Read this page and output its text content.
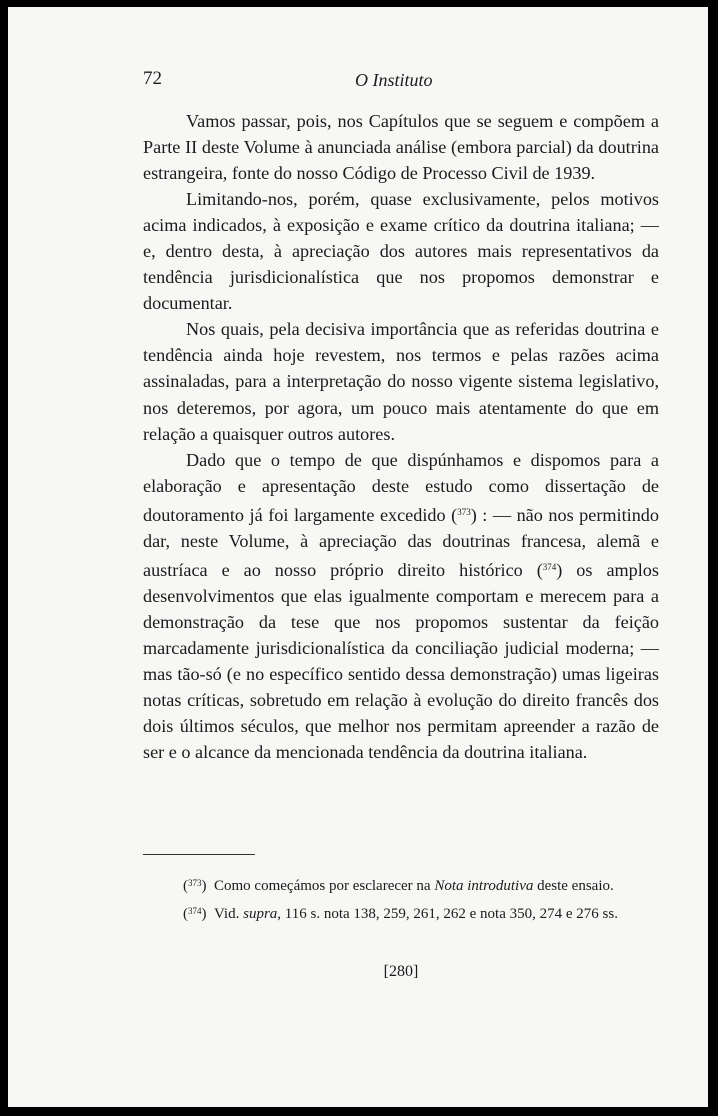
72	O Instituto

Vamos passar, pois, nos Capítulos que se seguem e compõem a Parte II deste Volume à anunciada análise (embora parcial) da doutrina estrangeira, fonte do nosso Código de Processo Civil de 1939.

Limitando-nos, porém, quase exclusivamente, pelos motivos acima indicados, à exposição e exame crítico da doutrina italiana; — e, dentro desta, à apreciação dos autores mais representativos da tendência jurisdicionalística que nos propomos demonstrar e documentar.

Nos quais, pela decisiva importância que as referidas doutrina e tendência ainda hoje revestem, nos termos e pelas razões acima assinaladas, para a interpretação do nosso vigente sistema legislativo, nos deteremos, por agora, um pouco mais atentamente do que em relação a quaisquer outros autores.

Dado que o tempo de que dispúnhamos e dispomos para a elaboração e apresentação deste estudo como dissertação de doutoramento já foi largamente excedido ($^{373}$) : — não nos permitindo dar, neste Volume, à apreciação das doutrinas francesa, alemã e austríaca e ao nosso próprio direito histórico ($^{374}$) os amplos desenvolvimentos que elas igualmente comportam e merecem para a demonstração da tese que nos propomos sustentar da feição marcadamente jurisdicionalística da conciliação judicial moderna; — mas tão-só (e no específico sentido dessa demonstração) umas ligeiras notas críticas, sobretudo em relação à evolução do direito francês dos dois últimos séculos, que melhor nos permitam apreender a razão de ser e o alcance da mencionada tendência da doutrina italiana.

($^{373}$)  Como começámos por esclarecer na Nota introdutiva deste ensaio.

($^{374}$)  Vid. supra, 116 s. nota 138, 259, 261, 262 e nota 350, 274 e 276 ss.

[280]
